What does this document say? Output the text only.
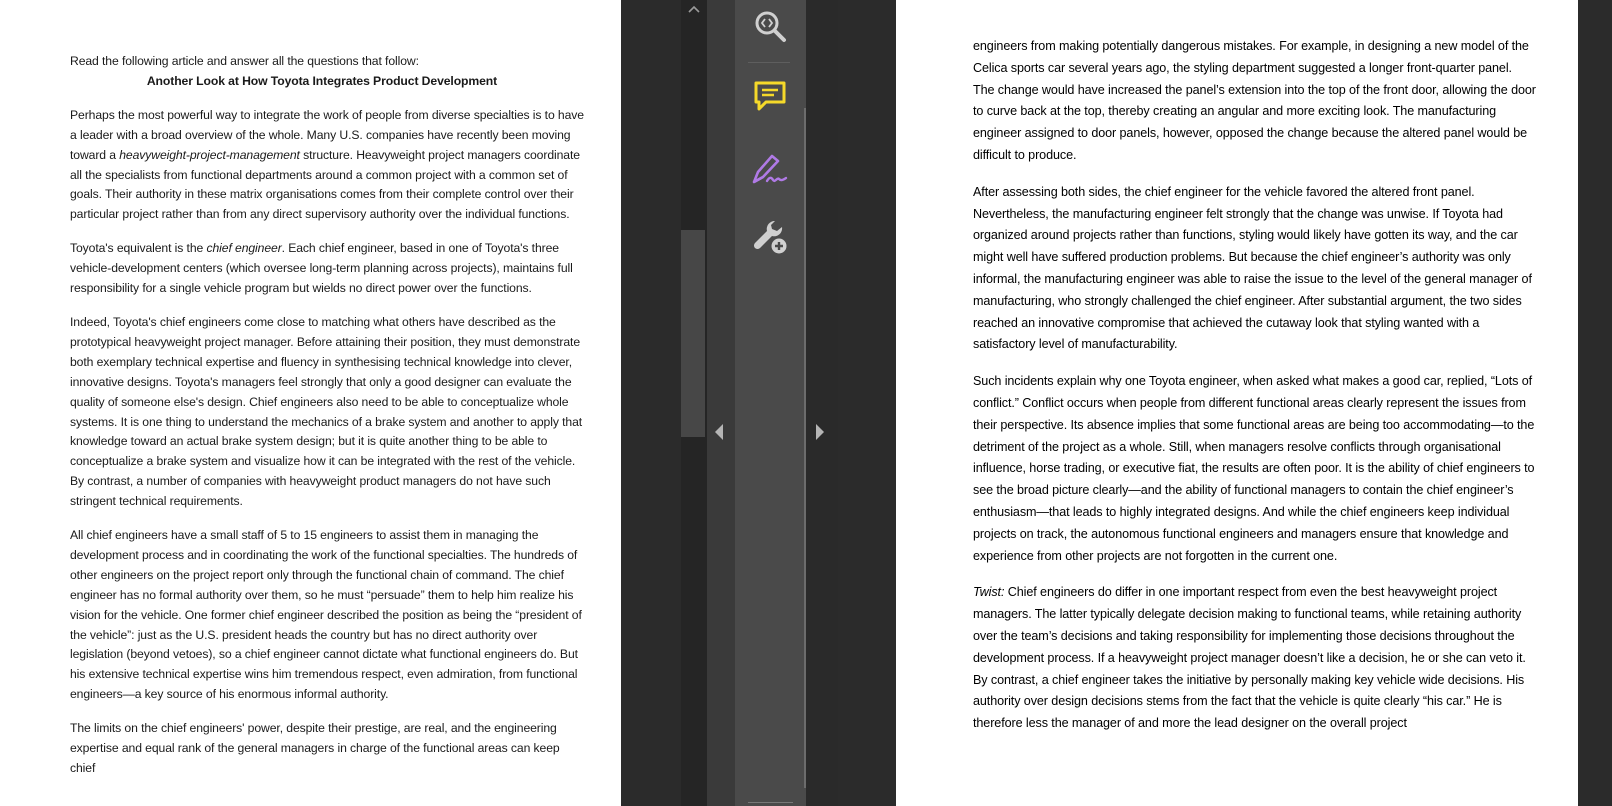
Read the following article and answer all the questions that follow:

Another Look at How Toyota Integrates Product Development

Perhaps the most powerful way to integrate the work of people from diverse specialties is to have a leader with a broad overview of the whole. Many U.S. companies have recently been moving toward a heavyweight-project-management structure. Heavyweight project managers coordinate all the specialists from functional departments around a common project with a common set of goals. Their authority in these matrix organisations comes from their complete control over their particular project rather than from any direct supervisory authority over the individual functions.

Toyota's equivalent is the chief engineer. Each chief engineer, based in one of Toyota's three vehicle-development centers (which oversee long-term planning across projects), maintains full responsibility for a single vehicle program but wields no direct power over the functions.

Indeed, Toyota's chief engineers come close to matching what others have described as the prototypical heavyweight project manager. Before attaining their position, they must demonstrate both exemplary technical expertise and fluency in synthesising technical knowledge into clever, innovative designs. Toyota's managers feel strongly that only a good designer can evaluate the quality of someone else's design. Chief engineers also need to be able to conceptualize whole systems. It is one thing to understand the mechanics of a brake system and another to apply that knowledge toward an actual brake system design; but it is quite another thing to be able to conceptualize a brake system and visualize how it can be integrated with the rest of the vehicle. By contrast, a number of companies with heavyweight product managers do not have such stringent technical requirements.

All chief engineers have a small staff of 5 to 15 engineers to assist them in managing the development process and in coordinating the work of the functional specialties. The hundreds of other engineers on the project report only through the functional chain of command. The chief engineer has no formal authority over them, so he must “persuade” them to help him realize his vision for the vehicle. One former chief engineer described the position as being the “president of the vehicle”: just as the U.S. president heads the country but has no direct authority over legislation (beyond vetoes), so a chief engineer cannot dictate what functional engineers do. But his extensive technical expertise wins him tremendous respect, even admiration, from functional engineers—a key source of his enormous informal authority.

The limits on the chief engineers' power, despite their prestige, are real, and the engineering expertise and equal rank of the general managers in charge of the functional areas can keep chief

engineers from making potentially dangerous mistakes. For example, in designing a new model of the Celica sports car several years ago, the styling department suggested a longer front-quarter panel. The change would have increased the panel’s extension into the top of the front door, allowing the door to curve back at the top, thereby creating an angular and more exciting look. The manufacturing engineer assigned to door panels, however, opposed the change because the altered panel would be difficult to produce.

After assessing both sides, the chief engineer for the vehicle favored the altered front panel. Nevertheless, the manufacturing engineer felt strongly that the change was unwise. If Toyota had organized around projects rather than functions, styling would likely have gotten its way, and the car might well have suffered production problems. But because the chief engineer’s authority was only informal, the manufacturing engineer was able to raise the issue to the level of the general manager of manufacturing, who strongly challenged the chief engineer. After substantial argument, the two sides reached an innovative compromise that achieved the cutaway look that styling wanted with a satisfactory level of manufacturability.

Such incidents explain why one Toyota engineer, when asked what makes a good car, replied, “Lots of conflict.” Conflict occurs when people from different functional areas clearly represent the issues from their perspective. Its absence implies that some functional areas are being too accommodating—to the detriment of the project as a whole. Still, when managers resolve conflicts through organisational influence, horse trading, or executive fiat, the results are often poor. It is the ability of chief engineers to see the broad picture clearly—and the ability of functional managers to contain the chief engineer’s enthusiasm—that leads to highly integrated designs. And while the chief engineers keep individual projects on track, the autonomous functional engineers and managers ensure that knowledge and experience from other projects are not forgotten in the current one.

Twist: Chief engineers do differ in one important respect from even the best heavyweight project managers. The latter typically delegate decision making to functional teams, while retaining authority over the team’s decisions and taking responsibility for implementing those decisions throughout the development process. If a heavyweight project manager doesn’t like a decision, he or she can veto it. By contrast, a chief engineer takes the initiative by personally making key vehicle wide decisions. His authority over design decisions stems from the fact that the vehicle is quite clearly “his car.” He is therefore less the manager of and more the lead designer on the overall project
